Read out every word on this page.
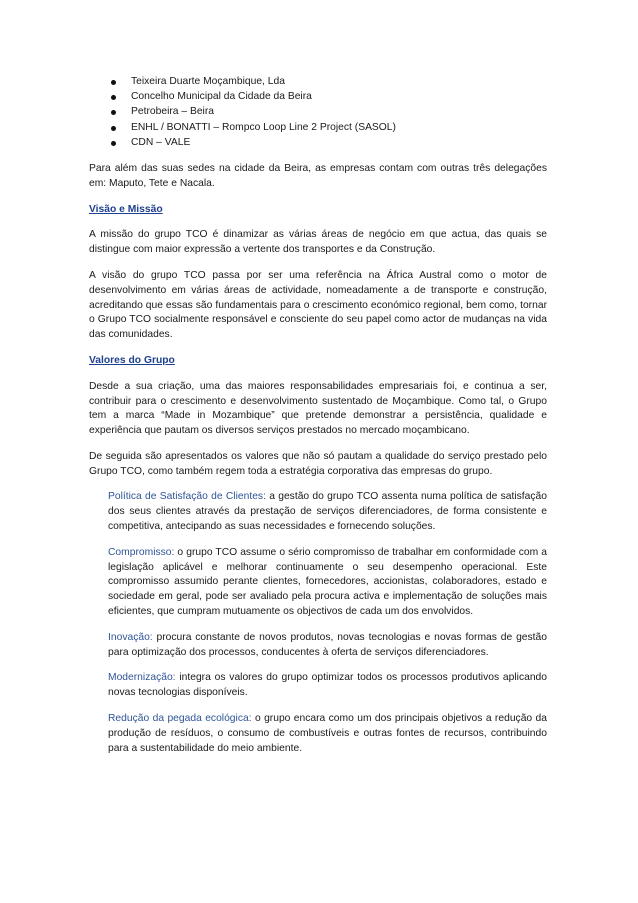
Teixeira Duarte Moçambique, Lda
Concelho Municipal da Cidade da Beira
Petrobeira – Beira
ENHL / BONATTI – Rompco Loop Line 2 Project (SASOL)
CDN – VALE

Para além das suas sedes na cidade da Beira, as empresas contam com outras três delegações em: Maputo, Tete e Nacala.

Visão e Missão

A missão do grupo TCO é dinamizar as várias áreas de negócio em que actua, das quais se distingue com maior expressão a vertente dos transportes e da Construção.

A visão do grupo TCO passa por ser uma referência na África Austral como o motor de desenvolvimento em várias áreas de actividade, nomeadamente a de transporte e construção, acreditando que essas são fundamentais para o crescimento económico regional, bem como, tornar o Grupo TCO socialmente responsável e consciente do seu papel como actor de mudanças na vida das comunidades.

Valores do Grupo

Desde a sua criação, uma das maiores responsabilidades empresariais foi, e continua a ser, contribuir para o crescimento e desenvolvimento sustentado de Moçambique. Como tal, o Grupo tem a marca “Made in Mozambique” que pretende demonstrar a persistência, qualidade e experiência que pautam os diversos serviços prestados no mercado moçambicano.

De seguida são apresentados os valores que não só pautam a qualidade do serviço prestado pelo Grupo TCO, como também regem toda a estratégia corporativa das empresas do grupo.

Política de Satisfação de Clientes: a gestão do grupo TCO assenta numa política de satisfação dos seus clientes através da prestação de serviços diferenciadores, de forma consistente e competitiva, antecipando as suas necessidades e fornecendo soluções.

Compromisso: o grupo TCO assume o sério compromisso de trabalhar em conformidade com a legislação aplicável e melhorar continuamente o seu desempenho operacional. Este compromisso assumido perante clientes, fornecedores, accionistas, colaboradores, estado e sociedade em geral, pode ser avaliado pela procura activa e implementação de soluções mais eficientes, que cumpram mutuamente os objectivos de cada um dos envolvidos.

Inovação: procura constante de novos produtos, novas tecnologias e novas formas de gestão para optimização dos processos, conducentes à oferta de serviços diferenciadores.

Modernização: integra os valores do grupo optimizar todos os processos produtivos aplicando novas tecnologias disponíveis.

Redução da pegada ecológica: o grupo encara como um dos principais objetivos a redução da produção de resíduos, o consumo de combustíveis e outras fontes de recursos, contribuindo para a sustentabilidade do meio ambiente.
